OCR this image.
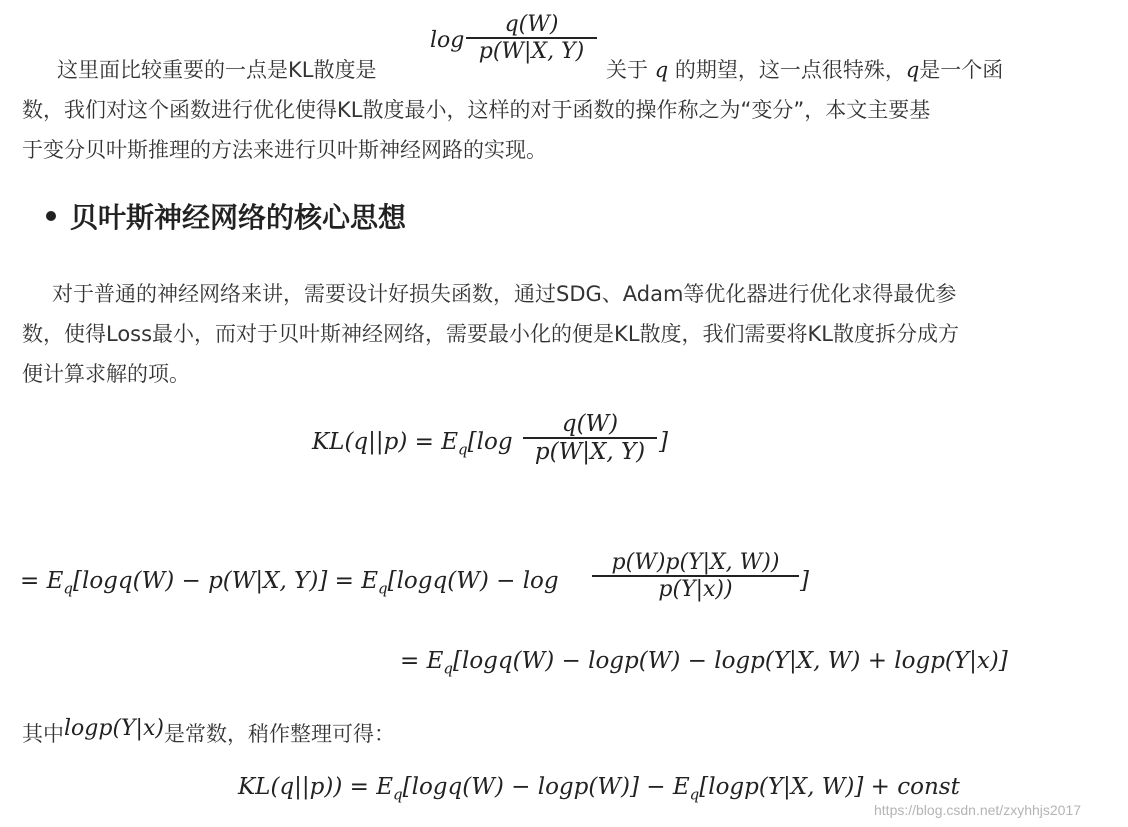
这里面比较重要的一点是KL散度是
log
q(W)
p(W|X, Y)
关于 q 的期望，这一点很特殊，q是一个函
数，我们对这个函数进行优化使得KL散度最小，这样的对于函数的操作称之为“变分”，本文主要基
于变分贝叶斯推理的方法来进行贝叶斯神经网路的实现。
贝叶斯神经网络的核心思想
对于普通的神经网络来讲，需要设计好损失函数，通过SDG、Adam等优化器进行优化求得最优参
数，使得Loss最小，而对于贝叶斯神经网络，需要最小化的便是KL散度，我们需要将KL散度拆分成方
便计算求解的项。
$KL(q||p) = E_q[\log$
q(W)
p(W|X, Y) ]
= $E_q[\log q(W) - p(W|X$, $Y)] = E_q[\log q(W) - \log$
p(W)p(Y|X, W))
p(Y|x))	]
= $E_q[\log q(W) - \log p(W) - \log p(Y|X$, W) + logp(Y|x)]
其中logp(Y|x)是常数，稍作整理可得：
$KL(q||p)) = E_q[\log q(W) - \log p(W)] - E_q[\log p(Y|X$, W)] + const
https://blog.csdn.net/zxyhhjs2017
